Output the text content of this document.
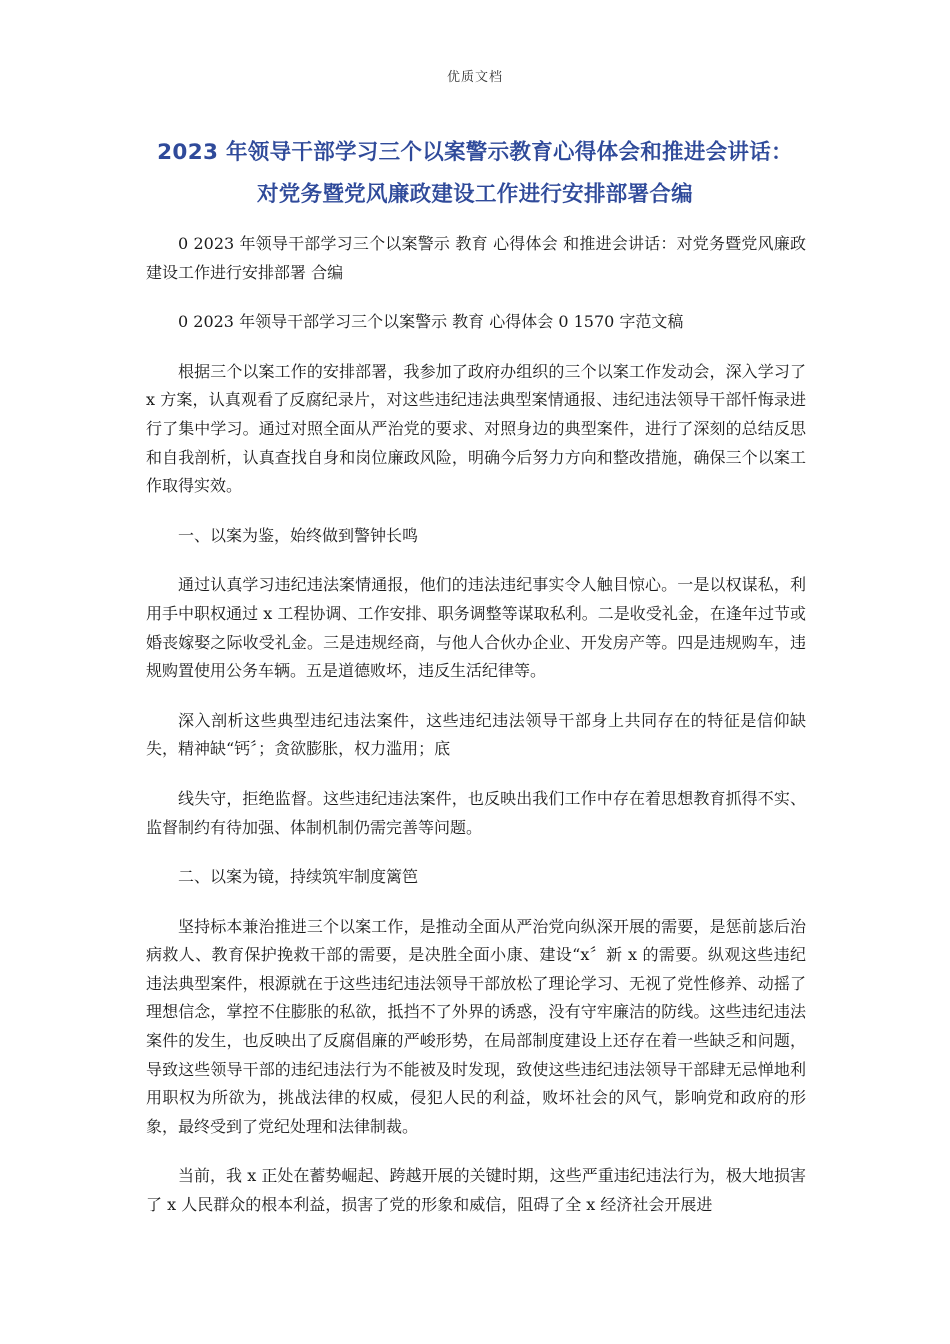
优质文档
2023 年领导干部学习三个以案警示教育心得体会和推进会讲话：
对党务暨党风廉政建设工作进行安排部署合编

0 2023 年领导干部学习三个以案警示 教育 心得体会 和推进会讲话：对党务暨党风廉政建设工作进行安排部署 合编

0 2023 年领导干部学习三个以案警示 教育 心得体会 0 1570 字范文稿

根据三个以案工作的安排部署，我参加了政府办组织的三个以案工作发动会，深入学习了 x 方案，认真观看了反腐纪录片，对这些违纪违法典型案情通报、违纪违法领导干部忏悔录进行了集中学习。通过对照全面从严治党的要求、对照身边的典型案件，进行了深刻的总结反思和自我剖析，认真查找自身和岗位廉政风险，明确今后努力方向和整改措施，确保三个以案工作取得实效。

一、以案为鉴，始终做到警钟长鸣

通过认真学习违纪违法案情通报，他们的违法违纪事实令人触目惊心。一是以权谋私，利用手中职权通过 x 工程协调、工作安排、职务调整等谋取私利。二是收受礼金，在逢年过节或婚丧嫁娶之际收受礼金。三是违规经商，与他人合伙办企业、开发房产等。四是违规购车，违规购置使用公务车辆。五是道德败坏，违反生活纪律等。

深入剖析这些典型违纪违法案件，这些违纪违法领导干部身上共同存在的特征是信仰缺失，精神缺“钙〞；贪欲膨胀，权力滥用；底

线失守，拒绝监督。这些违纪违法案件，也反映出我们工作中存在着思想教育抓得不实、监督制约有待加强、体制机制仍需完善等问题。

二、以案为镜，持续筑牢制度篱笆

坚持标本兼治推进三个以案工作，是推动全面从严治党向纵深开展的需要，是惩前毖后治病救人、教育保护挽救干部的需要，是决胜全面小康、建设“x〞新 x 的需要。纵观这些违纪违法典型案件，根源就在于这些违纪违法领导干部放松了理论学习、无视了党性修养、动摇了理想信念，掌控不住膨胀的私欲，抵挡不了外界的诱惑，没有守牢廉洁的防线。这些违纪违法案件的发生，也反映出了反腐倡廉的严峻形势，在局部制度建设上还存在着一些缺乏和问题，导致这些领导干部的违纪违法行为不能被及时发现，致使这些违纪违法领导干部肆无忌惮地利用职权为所欲为，挑战法律的权威，侵犯人民的利益，败坏社会的风气，影响党和政府的形象，最终受到了党纪处理和法律制裁。

当前，我 x 正处在蓄势崛起、跨越开展的关键时期，这些严重违纪违法行为，极大地损害了 x 人民群众的根本利益，损害了党的形象和威信，阻碍了全 x 经济社会开展进
